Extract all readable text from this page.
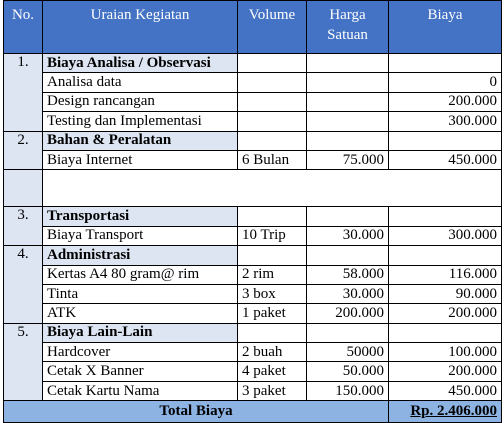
No.	Uraian Kegiatan	Volume	Harga Satuan	Biaya
1.	Biaya Analisa / Observasi			
	Analisa data			0
	Design rancangan			200.000
	Testing dan Implementasi			300.000
2.	Bahan & Peralatan			
	Biaya Internet	6 Bulan	75.000	450.000

3.	Transportasi			
	Biaya Transport	10 Trip	30.000	300.000
4.	Administrasi			
	Kertas A4 80 gram@ rim	2 rim	58.000	116.000
	Tinta	3 box	30.000	90.000
	ATK	1 paket	200.000	200.000
5.	Biaya Lain-Lain			
	Hardcover	2 buah	50000	100.000
	Cetak X Banner	4 paket	50.000	200.000
	Cetak Kartu Nama	3 paket	150.000	450.000
Total Biaya				Rp. 2.406.000
